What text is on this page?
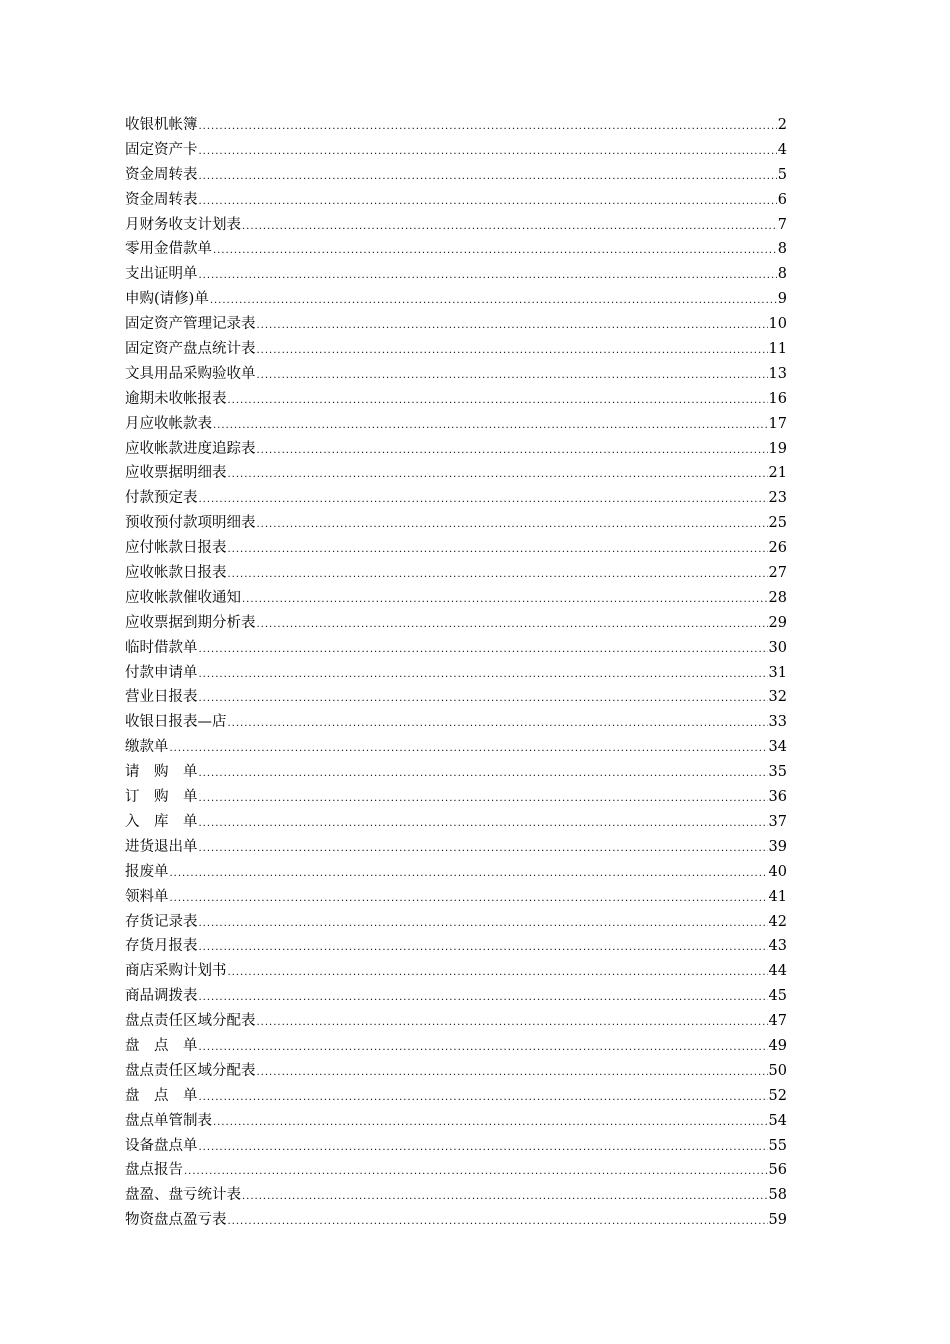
收银机帐簿 .....	2
固定资产卡 .....	4
资金周转表 .....	5
资金周转表 .....	6
月财务收支计划表 .....	7
零用金借款单 .....	8
支出证明单 .....	8
申购(请修)单 .....	9
固定资产管理记录表 .....	10
固定资产盘点统计表 .....	11
文具用品采购验收单 .....	13
逾期未收帐报表 .....	16
月应收帐款表 .....	17
应收帐款进度追踪表 .....	19
应收票据明细表 .....	21
付款预定表 .....	23
预收预付款项明细表 .....	25
应付帐款日报表 .....	26
应收帐款日报表 .....	27
应收帐款催收通知 .....	28
应收票据到期分析表 .....	29
临时借款单 .....	30
付款申请单 .....	31
营业日报表 .....	32
收银日报表—店 .....	33
缴款单 .....	34
请　购　单 .....	35
订　购　单 .....	36
入　库　单 .....	37
进货退出单 .....	39
报废单 .....	40
领料单 .....	41
存货记录表 .....	42
存货月报表 .....	43
商店采购计划书 .....	44
商品调拨表 .....	45
盘点责任区域分配表 .....	47
盘　点　单 .....	49
盘点责任区域分配表 .....	50
盘　点　单 .....	52
盘点单管制表 .....	54
设备盘点单 .....	55
盘点报告 .....	56
盘盈、盘亏统计表 .....	58
物资盘点盈亏表 .....	59
